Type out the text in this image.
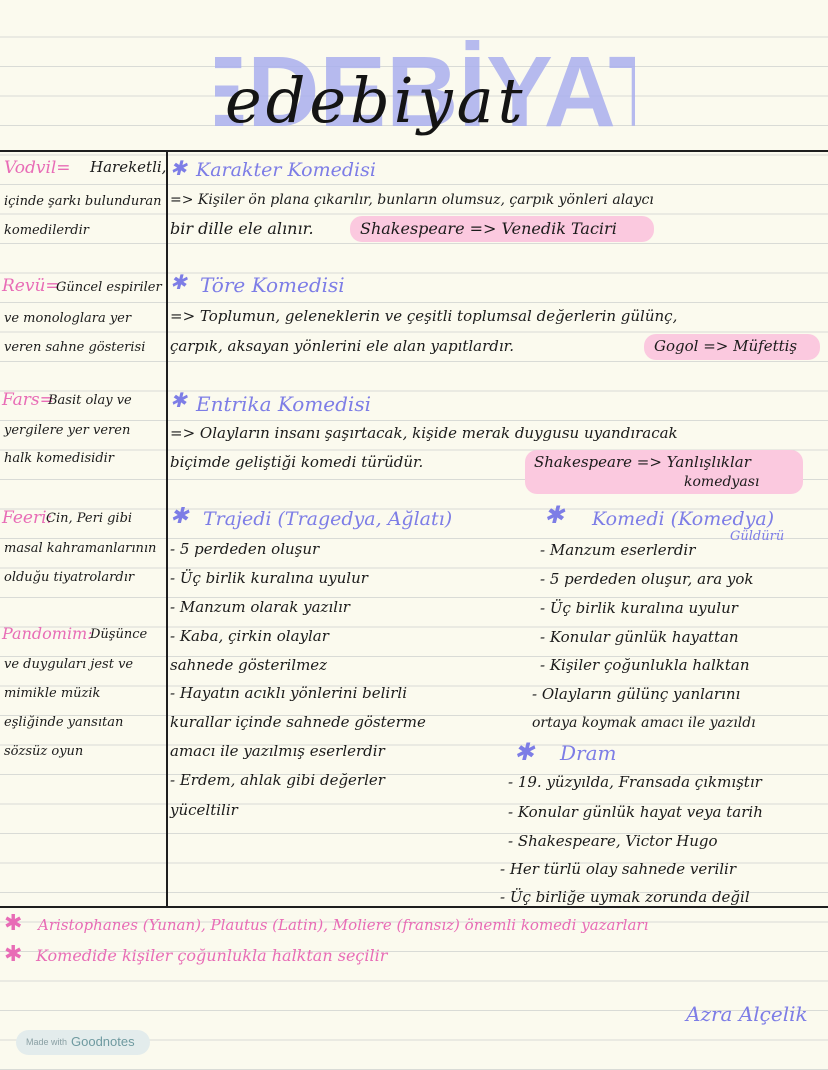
DEBİYA
edebiyat
Vodvil= Hareketli,
içinde şarkı bulunduran
komedilerdir
Revü=
Güncel espiriler
ve monologlara yer
veren sahne gösterisi
Fars=
Basit olay ve
yergilere yer veren
halk komedisidir
Feeri:
Cin, Peri gibi
masal kahramanlarının
olduğu tiyatrolardır
Pandomim:
Düşünce
ve duyguları jest ve
mimikle müzik
eşliğinde yansıtan
sözsüz oyun
✱ Karakter Komedisi
=> Kişiler ön plana çıkarılır, bunların olumsuz, çarpık yönleri alaycı
bir dille ele alınır.	Shakespeare => Venedik Taciri
✱ Töre Komedisi
=> Toplumun, geleneklerin ve çeşitli toplumsal değerlerin gülünç,
çarpık, aksayan yönlerini ele alan yapıtlardır.	Gogol => Müfettiş
✱ Entrika Komedisi
=> Olayların insanı şaşırtacak, kişide merak duygusu uyandıracak
biçimde geliştiği komedi türüdür.	Shakespeare => Yanlışlıklar
komedyası
✱ Trajedi (Tragedya, Ağlatı)
- 5 perdeden oluşur
- Üç birlik kuralına uyulur
- Manzum olarak yazılır
- Kaba, çirkin olaylar
sahnede gösterilmez
- Hayatın acıklı yönlerini belirli
kurallar içinde sahnede gösterme
amacı ile yazılmış eserlerdir
- Erdem, ahlak gibi değerler
yüceltilir
✱ Komedi (Komedya)
Güldürü
- Manzum eserlerdir
- 5 perdeden oluşur, ara yok
- Üç birlik kuralına uyulur
- Konular günlük hayattan
- Kişiler çoğunlukla halktan
- Olayların gülünç yanlarını
ortaya koymak amacı ile yazıldı
✱ Dram
- 19. yüzyılda, Fransada çıkmıştır
- Konular günlük hayat veya tarih
- Shakespeare, Victor Hugo
- Her türlü olay sahnede verilir
- Üç birliğe uymak zorunda değil
✱ Aristophanes (Yunan), Plautus (Latin), Moliere (fransız) önemli komedi yazarları
✱ Komedide kişiler çoğunlukla halktan seçilir
Azra Alçelik
Made with Goodnotes
